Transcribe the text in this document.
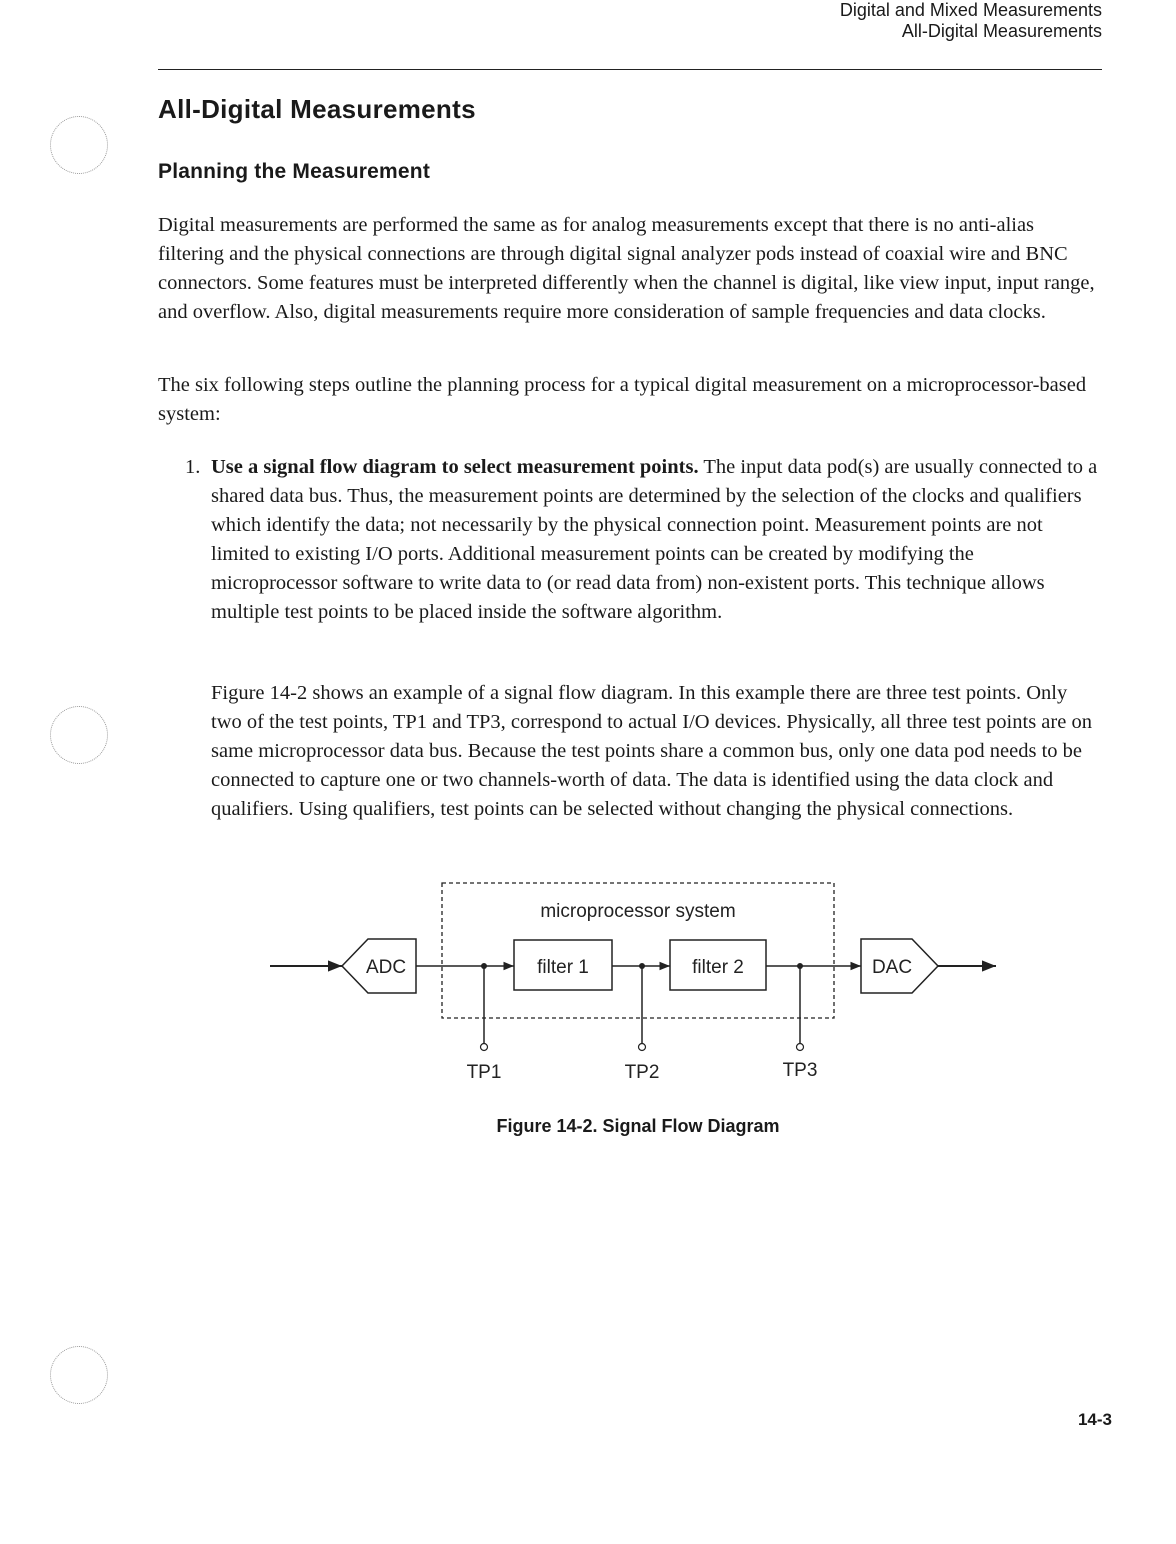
Digital and Mixed Measurements
All-Digital Measurements
All-Digital Measurements
Planning the Measurement

Digital measurements are performed the same as for analog measurements except that there is no anti-alias filtering and the physical connections are through digital signal analyzer pods instead of coaxial wire and BNC connectors. Some features must be interpreted differently when the channel is digital, like view input, input range, and overflow. Also, digital measurements require more consideration of sample frequencies and data clocks.

The six following steps outline the planning process for a typical digital measurement on a microprocessor-based system:

1. Use a signal flow diagram to select measurement points. The input data pod(s) are usually connected to a shared data bus. Thus, the measurement points are determined by the selection of the clocks and qualifiers which identify the data; not necessarily by the physical connection point. Measurement points are not limited to existing I/O ports. Additional measurement points can be created by modifying the microprocessor software to write data to (or read data from) non-existent ports. This technique allows multiple test points to be placed inside the software algorithm.

Figure 14-2 shows an example of a signal flow diagram. In this example there are three test points. Only two of the test points, TP1 and TP3, correspond to actual I/O devices. Physically, all three test points are on same microprocessor data bus. Because the test points share a common bus, only one data pod needs to be connected to capture one or two channels-worth of data. The data is identified using the data clock and qualifiers. Using qualifiers, test points can be selected without changing the physical connections.

microprocessor system
ADC	filter 1	filter 2	DAC
TP1	TP2	TP3
Figure 14-2. Signal Flow Diagram
14-3
